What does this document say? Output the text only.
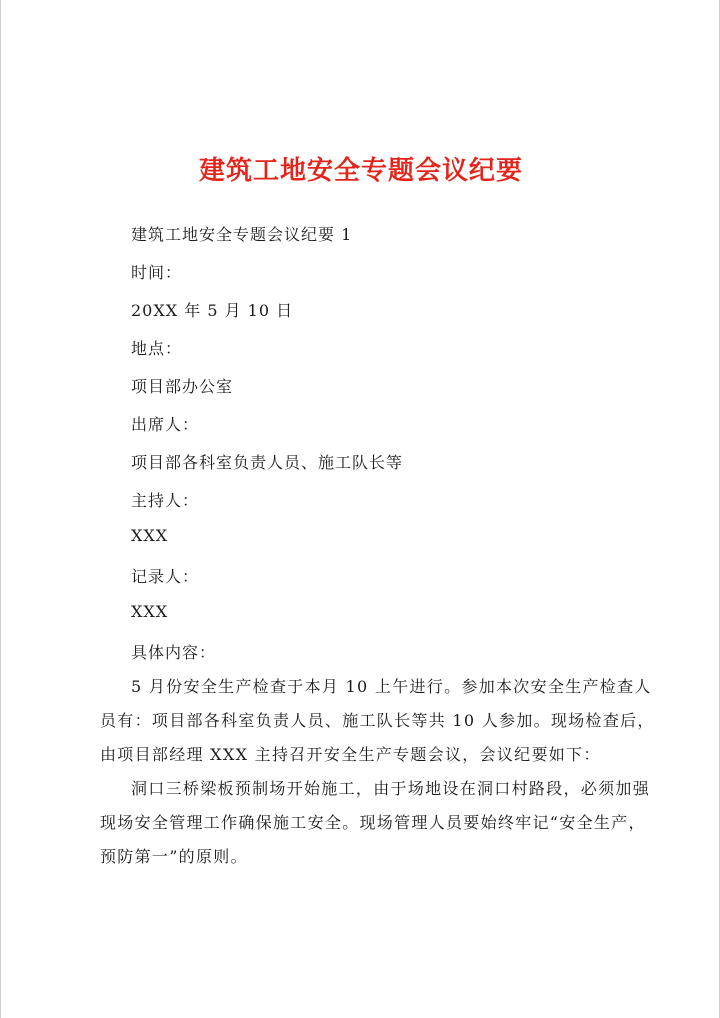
建筑工地安全专题会议纪要
建筑工地安全专题会议纪要 1
时间：
20XX 年 5 月 10 日
地点：
项目部办公室
出席人：
项目部各科室负责人员、施工队长等
主持人：
XXX
记录人：
XXX
具体内容：
5 月份安全生产检查于本月 10 上午进行。参加本次安全生产检查人
员有：项目部各科室负责人员、施工队长等共 10 人参加。现场检查后，
由项目部经理 XXX 主持召开安全生产专题会议，会议纪要如下：
洞口三桥梁板预制场开始施工，由于场地设在洞口村路段，必须加强
现场安全管理工作确保施工安全。现场管理人员要始终牢记“安全生产，
预防第一”的原则。
